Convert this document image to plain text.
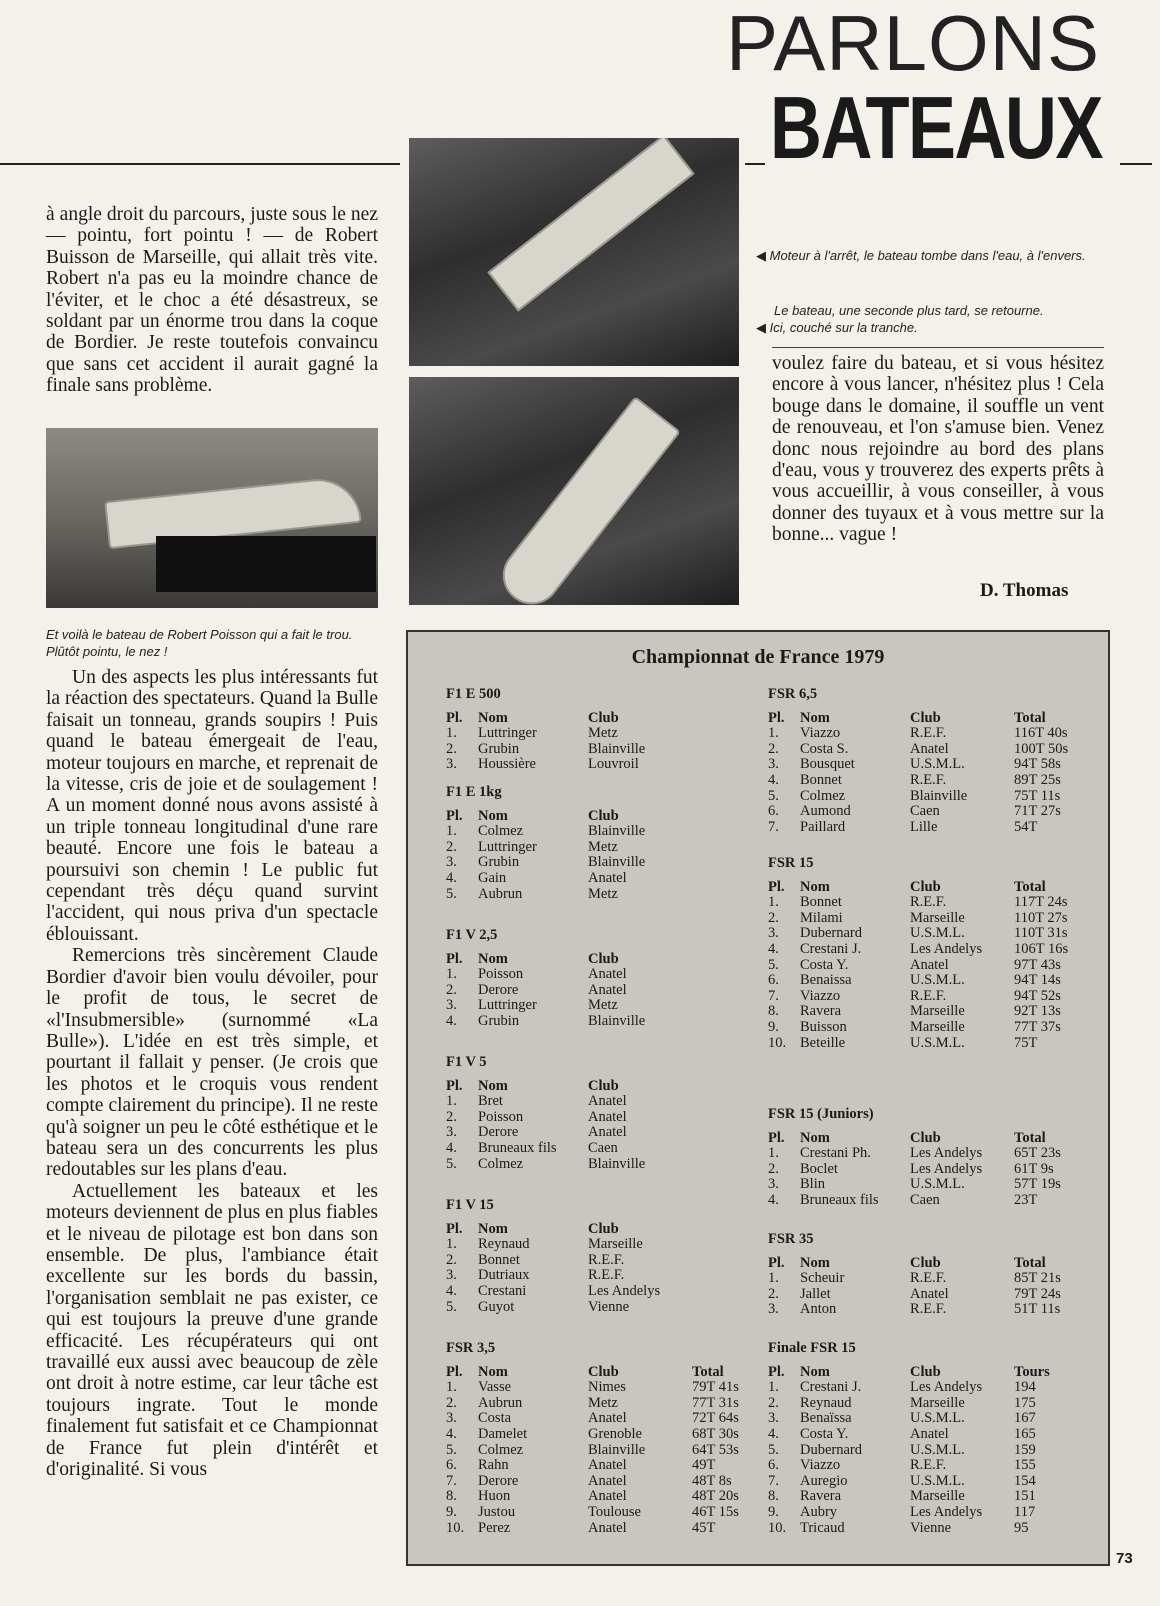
PARLONS
BATEAUX
◀ Moteur à l'arrêt, le bateau tombe dans l'eau, à l'envers.
Le bateau, une seconde plus tard, se retourne.
◀ Ici, couché sur la tranche.
Et voilà le bateau de Robert Poisson qui a fait le trou. Plûtôt pointu, le nez !

à angle droit du parcours, juste sous le nez — pointu, fort pointu ! — de Robert Buisson de Marseille, qui allait très vite. Robert n'a pas eu la moindre chance de l'éviter, et le choc a été désastreux, se soldant par un énorme trou dans la coque de Bordier. Je reste toutefois convaincu que sans cet accident il aurait gagné la finale sans problème.

Un des aspects les plus intéressants fut la réaction des spectateurs. Quand la Bulle faisait un tonneau, grands soupirs ! Puis quand le bateau émergeait de l'eau, moteur toujours en marche, et reprenait de la vitesse, cris de joie et de soulagement ! A un moment donné nous avons assisté à un triple tonneau longitudinal d'une rare beauté. Encore une fois le bateau a poursuivi son chemin ! Le public fut cependant très déçu quand survint l'accident, qui nous priva d'un spectacle éblouissant.

Remercions très sincèrement Claude Bordier d'avoir bien voulu dévoiler, pour le profit de tous, le secret de «l'Insubmersible» (surnommé «La Bulle»). L'idée en est très simple, et pourtant il fallait y penser. (Je crois que les photos et le croquis vous rendent compte clairement du principe). Il ne reste qu'à soigner un peu le côté esthétique et le bateau sera un des concurrents les plus redoutables sur les plans d'eau.

Actuellement les bateaux et les moteurs deviennent de plus en plus fiables et le niveau de pilotage est bon dans son ensemble. De plus, l'ambiance était excellente sur les bords du bassin, l'organisation semblait ne pas exister, ce qui est toujours la preuve d'une grande efficacité. Les récupérateurs qui ont travaillé eux aussi avec beaucoup de zèle ont droit à notre estime, car leur tâche est toujours ingrate. Tout le monde finalement fut satisfait et ce Championnat de France fut plein d'intérêt et d'originalité. Si vous

voulez faire du bateau, et si vous hésitez encore à vous lancer, n'hésitez plus ! Cela bouge dans le domaine, il souffle un vent de renouveau, et l'on s'amuse bien. Venez donc nous rejoindre au bord des plans d'eau, vous y trouverez des experts prêts à vous accueillir, à vous conseiller, à vous donner des tuyaux et à vous mettre sur la bonne... vague !

D. Thomas
Championnat de France 1979
F1 E 500
Pl.	Nom	Club
1.	Luttringer	Metz
2.	Grubin	Blainville
3.	Houssière	Louvroil
F1 E 1kg
Pl.	Nom	Club
1.	Colmez	Blainville
2.	Luttringer	Metz
3.	Grubin	Blainville
4.	Gain	Anatel
5.	Aubrun	Metz
F1 V 2,5
Pl.	Nom	Club
1.	Poisson	Anatel
2.	Derore	Anatel
3.	Luttringer	Metz
4.	Grubin	Blainville
F1 V 5
Pl.	Nom	Club
1.	Bret	Anatel
2.	Poisson	Anatel
3.	Derore	Anatel
4.	Bruneaux fils	Caen
5.	Colmez	Blainville
F1 V 15
Pl.	Nom	Club
1.	Reynaud	Marseille
2.	Bonnet	R.E.F.
3.	Dutriaux	R.E.F.
4.	Crestani	Les Andelys
5.	Guyot	Vienne
FSR 3,5
Pl.	Nom	Club	Total
1.	Vasse	Nimes	79T 41s
2.	Aubrun	Metz	77T 31s
3.	Costa	Anatel	72T 64s
4.	Damelet	Grenoble	68T 30s
5.	Colmez	Blainville	64T 53s
6.	Rahn	Anatel	49T
7.	Derore	Anatel	48T 8s
8.	Huon	Anatel	48T 20s
9.	Justou	Toulouse	46T 15s
10. Perez	Anatel	45T
FSR 6,5
Pl.	Nom	Club	Total
1.	Viazzo	R.E.F.	116T 40s
2.	Costa S.	Anatel	100T 50s
3.	Bousquet	U.S.M.L.	94T 58s
4.	Bonnet	R.E.F.	89T 25s
5.	Colmez	Blainville	75T 11s
6.	Aumond	Caen	71T 27s
7.	Paillard	Lille	54T
FSR 15
Pl.	Nom	Club	Total
1.	Bonnet	R.E.F.	117T 24s
2.	Milami	Marseille	110T 27s
3.	Dubernard	U.S.M.L.	110T 31s
4.	Crestani J.	Les Andelys	106T 16s
5.	Costa Y.	Anatel	97T 43s
6.	Benaissa	U.S.M.L.	94T 14s
7.	Viazzo	R.E.F.	94T 52s
8.	Ravera	Marseille	92T 13s
9.	Buisson	Marseille	77T 37s
10. Beteille	U.S.M.L.	75T
FSR 15 (Juniors)
Pl.	Nom	Club	Total
1.	Crestani Ph.	Les Andelys	65T 23s
2.	Boclet	Les Andelys	61T 9s
3.	Blin	U.S.M.L.	57T 19s
4.	Bruneaux fils	Caen	23T
FSR 35
Pl.	Nom	Club	Total
1.	Scheuir	R.E.F.	85T 21s
2.	Jallet	Anatel	79T 24s
3.	Anton	R.E.F.	51T 11s
Finale FSR 15
Pl.	Nom	Club	Tours
1.	Crestani J.	Les Andelys	194
2.	Reynaud	Marseille	175
3.	Benaïssa	U.S.M.L.	167
4.	Costa Y.	Anatel	165
5.	Dubernard	U.S.M.L.	159
6.	Viazzo	R.E.F.	155
7.	Auregio	U.S.M.L.	154
8.	Ravera	Marseille	151
9.	Aubry	Les Andelys	117
10. Tricaud	Vienne	95
73
